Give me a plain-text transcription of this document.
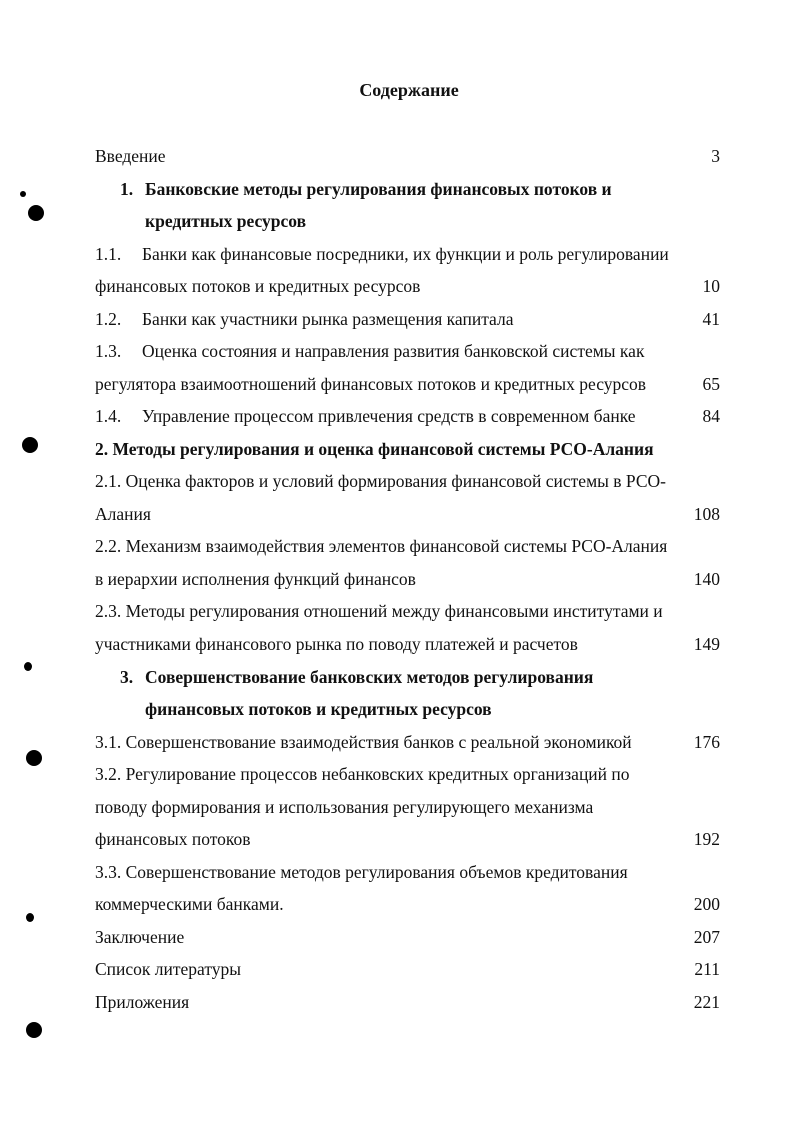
Содержание
Введение	3
1. Банковские методы регулирования финансовых потоков и
кредитных ресурсов
1.1. Банки как финансовые посредники, их функции и роль регулировании
финансовых потоков и кредитных ресурсов	10
1.2. Банки как участники рынка размещения капитала	41
1.3. Оценка состояния и направления развития банковской системы как
регулятора взаимоотношений финансовых потоков и кредитных ресурсов	65
1.4. Управление процессом привлечения средств в современном банке	84
2. Методы регулирования и оценка финансовой системы РСО-Алания
2.1. Оценка факторов и условий формирования финансовой системы в РСО-
Алания	108
2.2. Механизм взаимодействия элементов финансовой системы РСО-Алания
в иерархии исполнения функций финансов	140
2.3. Методы регулирования отношений между финансовыми институтами и
участниками финансового рынка по поводу платежей и расчетов	149
3. Совершенствование банковских методов регулирования
финансовых потоков и кредитных ресурсов
3.1. Совершенствование взаимодействия банков с реальной экономикой	176
3.2. Регулирование процессов небанковских кредитных организаций по
поводу формирования и использования регулирующего механизма
финансовых потоков	192
3.3. Совершенствование методов регулирования объемов кредитования
коммерческими банками.	200
Заключение	207
Список литературы	211
Приложения	221
